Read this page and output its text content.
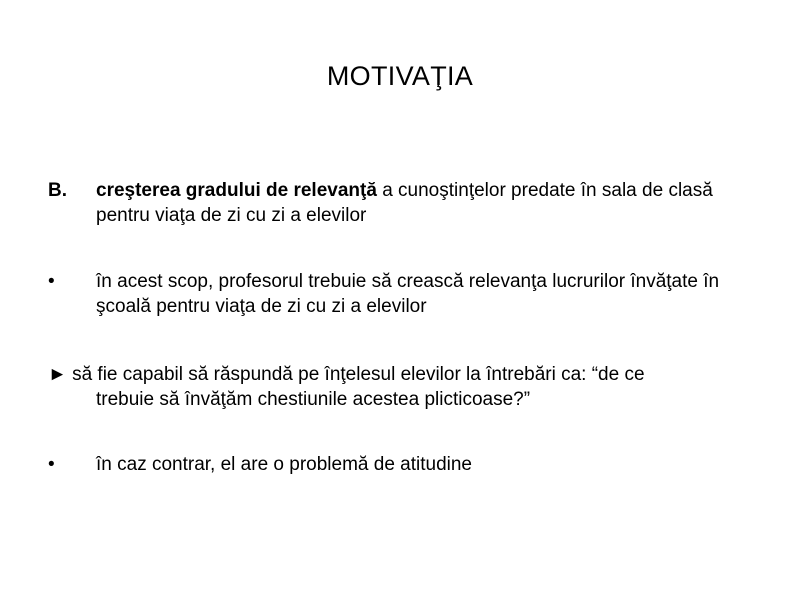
MOTIVAŢIA
B.	creşterea gradului de relevanţă a cunoştinţelor predate în sala de clasă pentru viaţa de zi cu zi a elevilor
•	în acest scop, profesorul trebuie să crească relevanţa lucrurilor învăţate în şcoală pentru viaţa de zi cu zi a elevilor
► să fie capabil să răspundă pe înţelesul elevilor la întrebări ca: “de ce
trebuie să învăţăm chestiunile acestea plicticoase?”
•	în caz contrar, el are o problemă de atitudine
